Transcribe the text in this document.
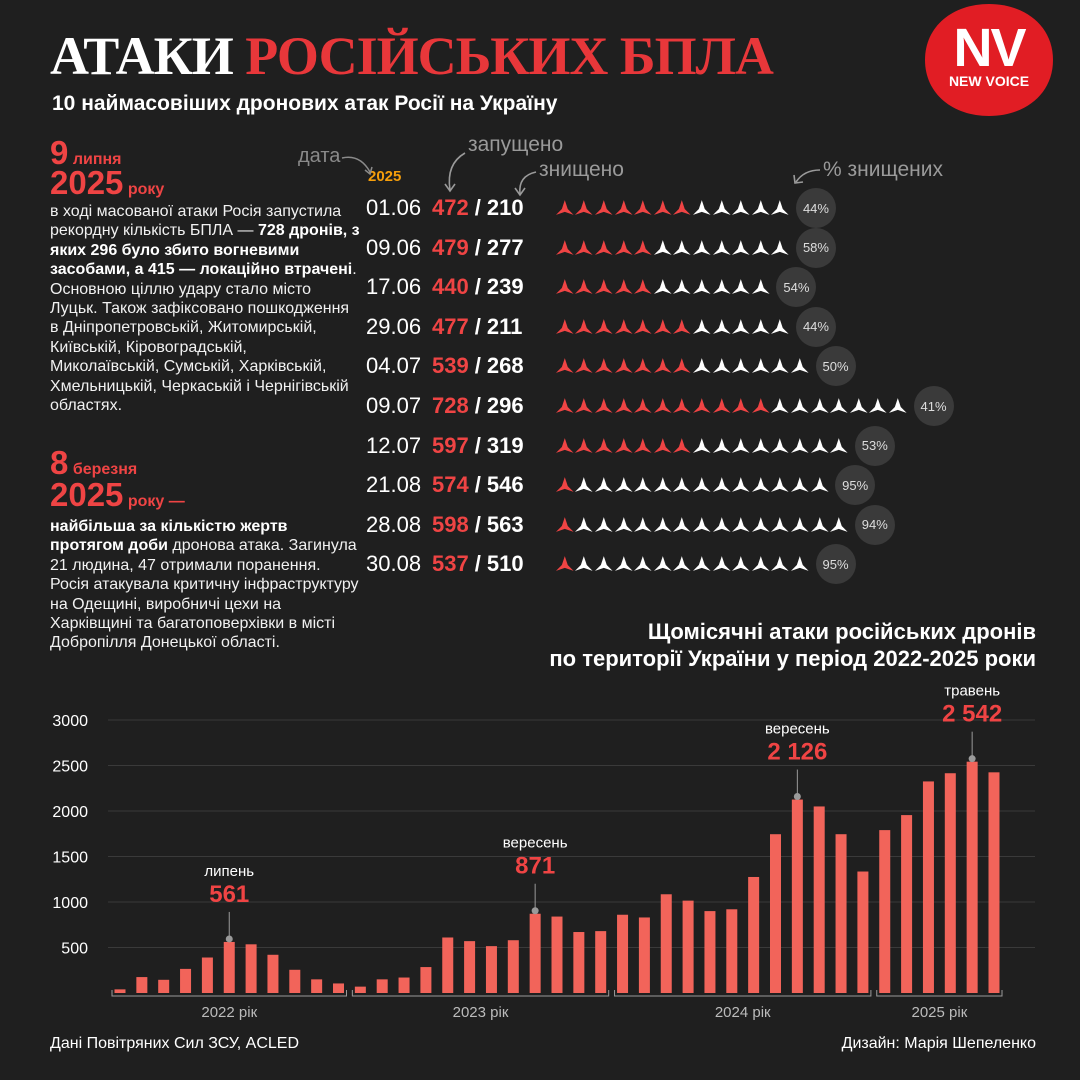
АТАКИ РОСІЙСЬКИХ БПЛА
10 наймасовіших дронових атак Росії на Україну
NV
NEW VOICE
9 липня
2025 року
в ході масованої атаки Росія запустила рекордну кількість БПЛА — 728 дронів, з яких 296 було збито вогневими засобами, а 415 — локаційно втрачені. Основною ціллю удару стало місто Луцьк. Також зафіксовано пошкодження в Дніпропетровській, Житомирській, Київській, Кіровоградській, Миколаївській, Сумській, Харківській, Хмельницькій, Черкаській і Чернігівській областях.
8 березня
2025 року —
найбільша за кількістю жертв протягом доби дронова атака. Загинула 21 людина, 47 отримали поранення. Росія атакувала критичну інфраструктуру на Одещині, виробничі цехи на Харківщині та багатоповерхівки в місті Добропілля Донецької області.
дата
2025
запущено
знищено	% знищених
01.06 472 / 210	44%
09.06 479 / 277	58%
17.06 440 / 239	54%
29.06 477 / 211	44%
04.07 539 / 268	50%
09.07 728 / 296	41%
12.07 597 / 319	53%
21.08 574 / 546	95%
28.08 598 / 563	94%
30.08 537 / 510	95%
Щомісячні атаки російських дронів
по території України у період 2022-2025 роки
3000
2500
2000
1500
1000
500
2022 рік	2023 рік	2024 рік	2025 рік
561
липень	871
вересень
2 126
вересень
2 542
травень
Дані Повітряних Сил ЗСУ, ACLED	Дизайн: Марія Шепеленко
